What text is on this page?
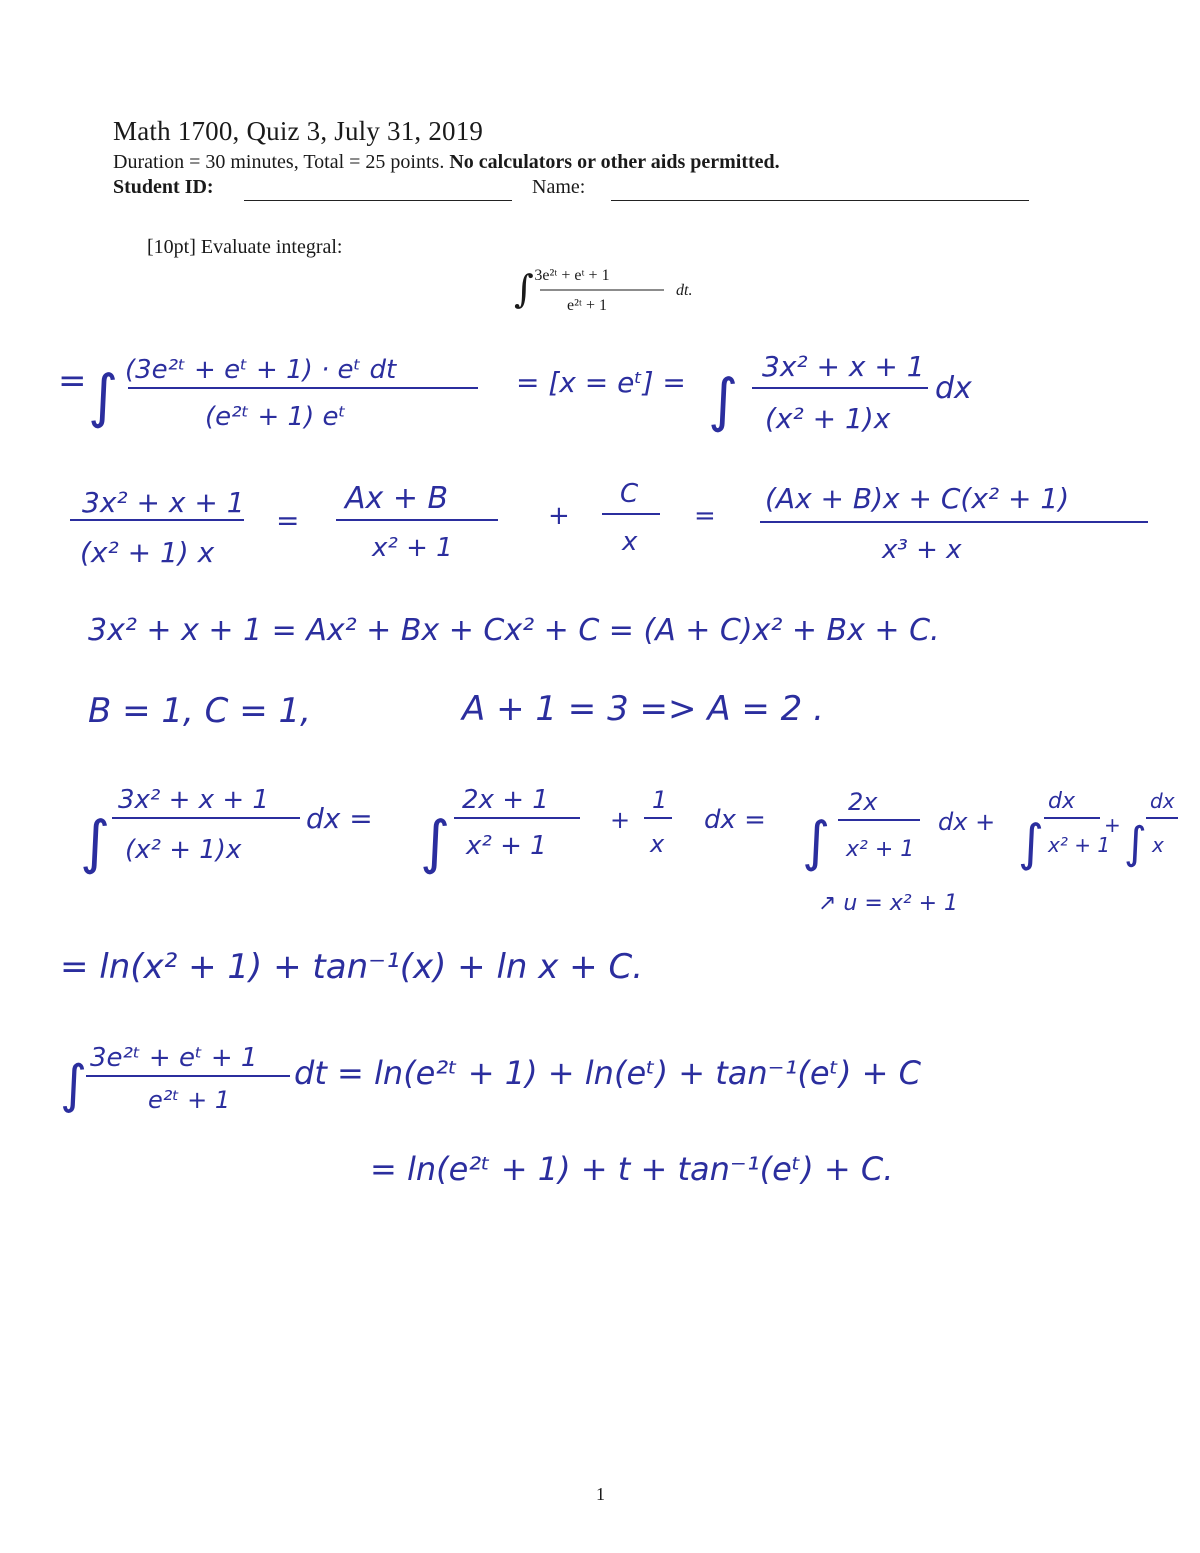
Math 1700, Quiz 3, July 31, 2019
Duration = 30 minutes, Total = 25 points. No calculators or other aids permitted.
Student ID:	Name:
[10pt] Evaluate integral:
∫ 3e²ᵗ + eᵗ + 1
e²ᵗ + 1
dt.
= ∫ (3e²ᵗ + eᵗ + 1) · eᵗ dt
(e²ᵗ + 1) eᵗ
= [x = eᵗ] = ∫ 3x² + x + 1
(x² + 1)x
dx
3x² + x + 1
(x² + 1) x
=
Ax + B
x² + 1
+
C
x
=
(Ax + B)x + C(x² + 1)
x³ + x
3x² + x + 1 = Ax² + Bx + Cx² + C = (A + C)x² + Bx + C.
B = 1, C = 1,	A + 1 = 3 => A = 2 .
∫
3x² + x + 1
(x² + 1)x
dx = ∫
2x + 1
x² + 1
+
1
x
dx = ∫
2x
x² + 1
dx + ∫
dx
x² + 1
+ ∫
dx
x
↗ u = x² + 1
= ln(x² + 1) + tan⁻¹(x) + ln x + C.
∫ 3e²ᵗ + eᵗ + 1
e²ᵗ + 1
dt = ln(e²ᵗ + 1) + ln(eᵗ) + tan⁻¹(eᵗ) + C
= ln(e²ᵗ + 1) + t + tan⁻¹(eᵗ) + C.
1
